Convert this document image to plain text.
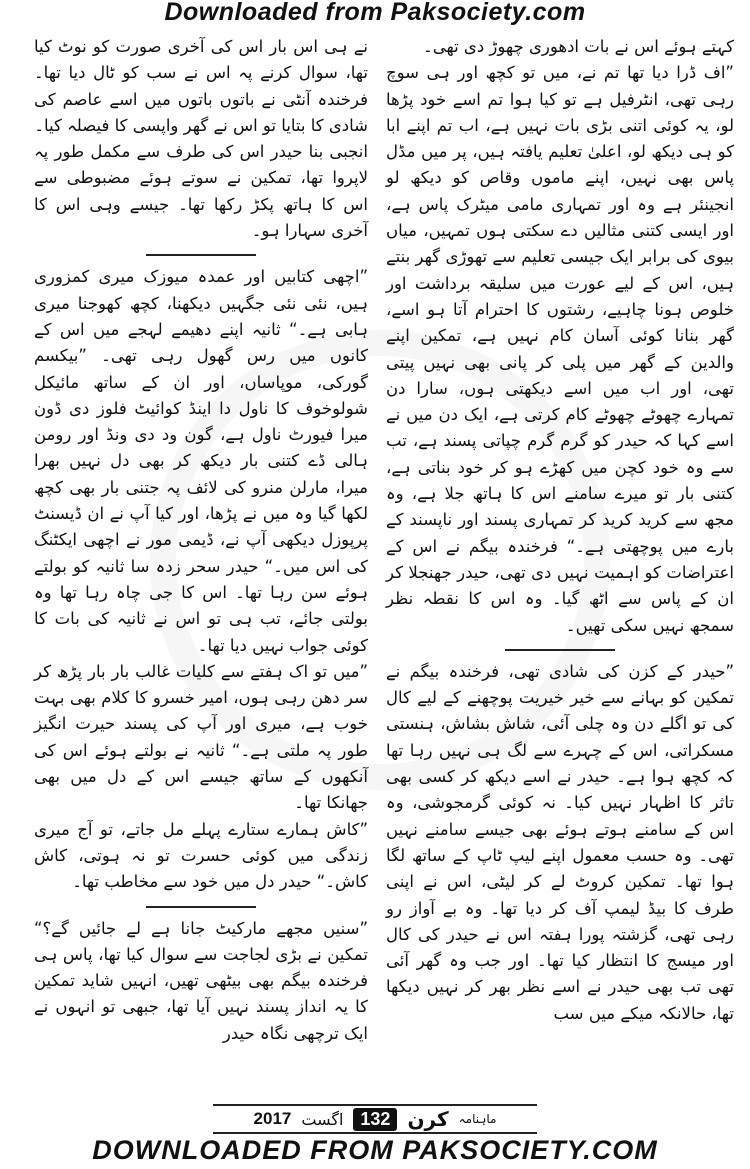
Downloaded from Paksociety.com

کہتے ہوئے اس نے بات ادھوری چھوڑ دی تھی۔

”اف ڈرا دیا تھا تم نے، میں تو کچھ اور ہی سوچ رہی تھی، انٹرفیل ہے تو کیا ہوا تم اسے خود پڑھا لو، یہ کوئی اتنی بڑی بات نہیں ہے، اب تم اپنے ابا کو ہی دیکھ لو، اعلیٰ تعلیم یافتہ ہیں، پر میں مڈل پاس بھی نہیں، اپنے ماموں وقاص کو دیکھ لو انجینئر ہے وہ اور تمہاری مامی میٹرک پاس ہے، اور ایسی کتنی مثالیں دے سکتی ہوں تمہیں، میاں بیوی کی برابر ایک جیسی تعلیم سے تھوڑی گھر بنتے ہیں، اس کے لیے عورت میں سلیقہ برداشت اور خلوص ہونا چاہیے، رشتوں کا احترام آتا ہو اسے، گھر بنانا کوئی آسان کام نہیں ہے، تمکین اپنے والدین کے گھر میں پلی کر پانی بھی نہیں پیتی تھی، اور اب میں اسے دیکھتی ہوں، سارا دن تمہارے چھوٹے چھوٹے کام کرتی ہے، ایک دن میں نے اسے کہا کہ حیدر کو گرم گرم چپاتی پسند ہے، تب سے وہ خود کچن میں کھڑے ہو کر خود بناتی ہے، کتنی بار تو میرے سامنے اس کا ہاتھ جلا ہے، وہ مجھ سے کرید کرید کر تمہاری پسند اور ناپسند کے بارے میں پوچھتی ہے۔“ فرخندہ بیگم نے اس کے اعتراضات کو اہمیت نہیں دی تھی، حیدر جھنجلا کر ان کے پاس سے اٹھ گیا۔ وہ اس کا نقطہ نظر سمجھ نہیں سکی تھیں۔

”حیدر کے کزن کی شادی تھی، فرخندہ بیگم نے تمکین کو بہانے سے خیر خیریت پوچھنے کے لیے کال کی تو اگلے دن وہ چلی آئی، شاش بشاش، ہنستی مسکراتی، اس کے چہرے سے لگ ہی نہیں رہا تھا کہ کچھ ہوا ہے۔ حیدر نے اسے دیکھ کر کسی بھی تاثر کا اظہار نہیں کیا۔ نہ کوئی گرمجوشی، وہ اس کے سامنے ہوتے ہوئے بھی جیسے سامنے نہیں تھی۔ وہ حسب معمول اپنے لیپ ٹاپ کے ساتھ لگا ہوا تھا۔ تمکین کروٹ لے کر لیٹی، اس نے اپنی طرف کا بیڈ لیمپ آف کر دیا تھا۔ وہ بے آواز رو رہی تھی، گزشتہ پورا ہفتہ اس نے حیدر کی کال اور میسج کا انتظار کیا تھا۔ اور جب وہ گھر آئی تھی تب بھی حیدر نے اسے نظر بھر کر نہیں دیکھا تھا، حالانکہ میکے میں سب

نے ہی اس بار اس کی آخری صورت کو نوٹ کیا تھا، سوال کرنے پہ اس نے سب کو ٹال دیا تھا۔ فرخندہ آنٹی نے باتوں باتوں میں اسے عاصم کی شادی کا بتایا تو اس نے گھر واپسی کا فیصلہ کیا۔

انجبی بنا حیدر اس کی طرف سے مکمل طور پہ لاپروا تھا، تمکین نے سوتے ہوئے مضبوطی سے اس کا ہاتھ پکڑ رکھا تھا۔ جیسے وہی اس کا آخری سہارا ہو۔

”اچھی کتابیں اور عمدہ میوزک میری کمزوری ہیں، نئی نئی جگہیں دیکھنا، کچھ کھوجنا میری ہابی ہے۔“ ثانیہ اپنے دھیمے لہجے میں اس کے کانوں میں رس گھول رہی تھی۔ ”بیکسم گورکی، موپاساں، اور ان کے ساتھ مائیکل شولوخوف کا ناول دا اینڈ کوائیٹ فلوز دی ڈون میرا فیورٹ ناول ہے، گون ود دی ونڈ اور رومن ہالی ڈے کتنی بار دیکھ کر بھی دل نہیں بھرا میرا، مارلن منرو کی لائف پہ جتنی بار بھی کچھ لکھا گیا وہ میں نے پڑھا، اور کیا آپ نے ان ڈیسنٹ پرپوزل دیکھی آپ نے، ڈیمی مور نے اچھی ایکٹنگ کی اس میں۔“ حیدر سحر زدہ سا ثانیہ کو بولتے ہوئے سن رہا تھا۔ اس کا جی چاہ رہا تھا وہ بولتی جائے، تب ہی تو اس نے ثانیہ کی بات کا کوئی جواب نہیں دیا تھا۔

”میں تو اک ہفتے سے کلیات غالب بار بار پڑھ کر سر دھن رہی ہوں، امیر خسرو کا کلام بھی بہت خوب ہے، میری اور آپ کی پسند حیرت انگیز طور پہ ملتی ہے۔“ ثانیہ نے بولتے ہوئے اس کی آنکھوں کے ساتھ جیسے اس کے دل میں بھی جھانکا تھا۔

”کاش ہمارے ستارے پہلے مل جاتے، تو آج میری زندگی میں کوئی حسرت تو نہ ہوتی، کاش کاش۔“ حیدر دل میں خود سے مخاطب تھا۔

”سنیں مجھے مارکیٹ جانا ہے لے جائیں گے؟“ تمکین نے بڑی لجاجت سے سوال کیا تھا، پاس ہی فرخندہ بیگم بھی بیٹھی تھیں، انہیں شاید تمکین کا یہ انداز پسند نہیں آیا تھا، جبھی تو انہوں نے ایک ترچھی نگاہ حیدر

ماہنامہ
کرن
132
اگست
2017
DOWNLOADED FROM PAKSOCIETY.COM
